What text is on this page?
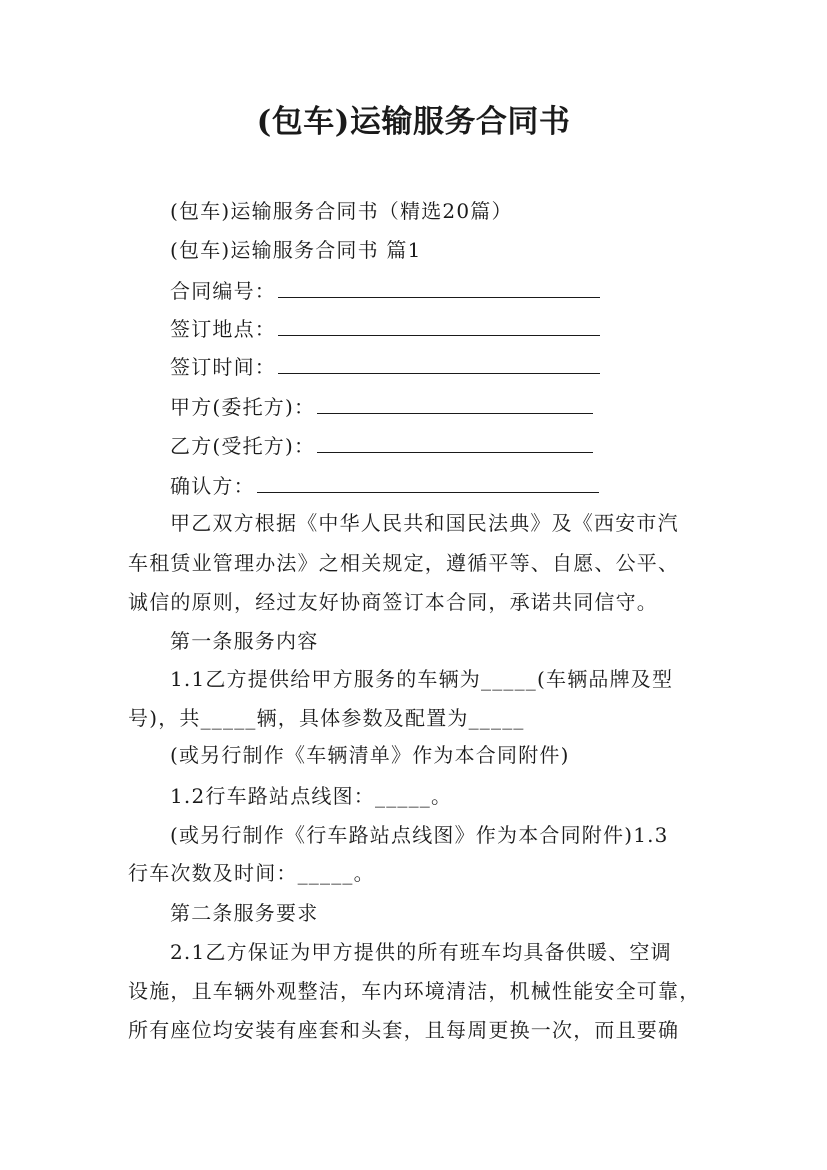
(包车)运输服务合同书
(包车)运输服务合同书（精选20篇）
(包车)运输服务合同书 篇1
合同编号：
签订地点：
签订时间：
甲方(委托方)：
乙方(受托方)：
确认方：
甲乙双方根据《中华人民共和国民法典》及《西安市汽
车租赁业管理办法》之相关规定，遵循平等、自愿、公平、
诚信的原则，经过友好协商签订本合同，承诺共同信守。
第一条服务内容
1.1乙方提供给甲方服务的车辆为_____(车辆品牌及型
号)，共_____辆，具体参数及配置为_____
(或另行制作《车辆清单》作为本合同附件)
1.2行车路站点线图：_____。
(或另行制作《行车路站点线图》作为本合同附件)1.3
行车次数及时间：_____。
第二条服务要求
2.1乙方保证为甲方提供的所有班车均具备供暖、空调
设施，且车辆外观整洁，车内环境清洁，机械性能安全可靠，
所有座位均安装有座套和头套，且每周更换一次，而且要确
